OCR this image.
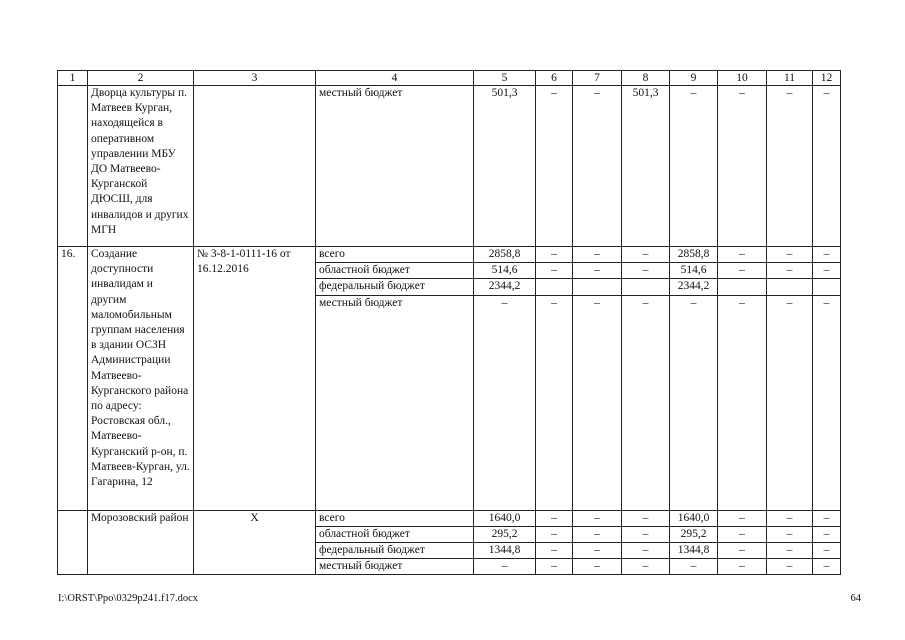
1	2	3	4	5	6	7	8	9	10	11	12
	Дворца культуры п. Матвеев Курган, находящейся в оперативном управлении МБУ ДО Матвеево-Курганской ДЮСШ, для инвалидов и других МГН		местный бюджет	501,3	–	–	501,3	–	–	–	–
16.	Создание доступности инвалидам и другим маломобильным группам населения в здании ОСЗН Администрации Матвеево-Курганского района по адресу: Ростовская обл., Матвеево-Курганский р-он, п. Матвеев-Курган, ул. Гагарина, 12	№ 3-8-1-0111-16 от 16.12.2016	всего	2858,8	–	–	–	2858,8	–	–	–
			областной бюджет	514,6	–	–	–	514,6	–	–	–
			федеральный бюджет	2344,2				2344,2			
			местный бюджет	–	–	–	–	–	–	–	–
	Морозовский район	X	всего	1640,0	–	–	–	1640,0	–	–	–
			областной бюджет	295,2	–	–	–	295,2	–	–	–
			федеральный бюджет	1344,8	–	–	–	1344,8	–	–	–
			местный бюджет	–	–	–	–	–	–	–	–
I:\ORST\Ppo\0329p241.f17.docx	64
